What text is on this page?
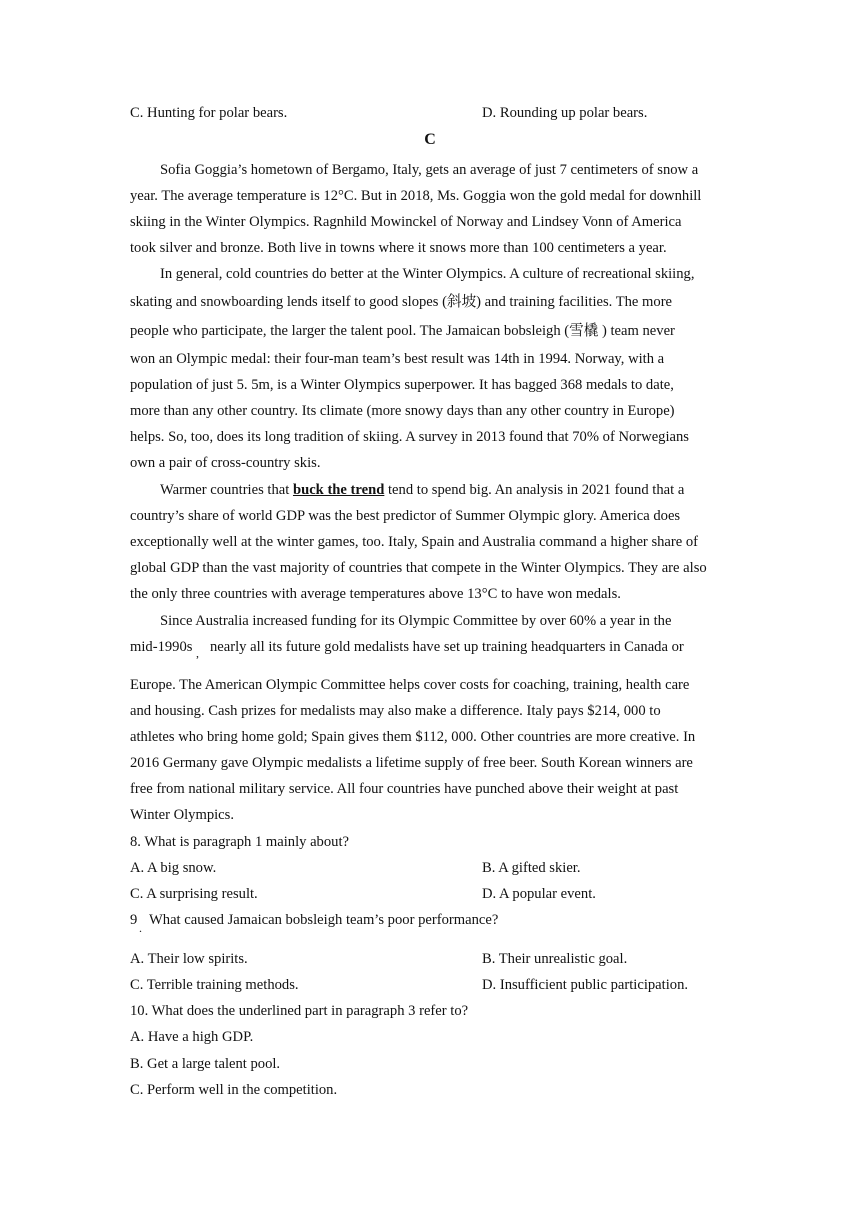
C. Hunting for polar bears.	D. Rounding up polar bears.
C
Sofia Goggia’s hometown of Bergamo, Italy, gets an average of just 7 centimeters of snow a
year. The average temperature is 12°C. But in 2018, Ms. Goggia won the gold medal for downhill
skiing in the Winter Olympics. Ragnhild Mowinckel of Norway and Lindsey Vonn of America
took silver and bronze. Both live in towns where it snows more than 100 centimeters a year.
In general, cold countries do better at the Winter Olympics. A culture of recreational skiing,
skating and snowboarding lends itself to good slopes (斜坡) and training facilities. The more
people who participate, the larger the talent pool. The Jamaican bobsleigh (雪橇 ) team never
won an Olympic medal: their four-man team’s best result was 14th in 1994. Norway, with a
population of just 5. 5m, is a Winter Olympics superpower. It has bagged 368 medals to date,
more than any other country. Its climate (more snowy days than any other country in Europe)
helps. So, too, does its long tradition of skiing. A survey in 2013 found that 70% of Norwegians
own a pair of cross-country skis.
Warmer countries that buck the trend tend to spend big. An analysis in 2021 found that a
country’s share of world GDP was the best predictor of Summer Olympic glory. America does
exceptionally well at the winter games, too. Italy, Spain and Australia command a higher share of
global GDP than the vast majority of countries that compete in the Winter Olympics. They are also
the only three countries with average temperatures above 13°C to have won medals.
Since Australia increased funding for its Olympic Committee by over 60% a year in the
mid-1990s , nearly all its future gold medalists have set up training headquarters in Canada or
Europe. The American Olympic Committee helps cover costs for coaching, training, health care
and housing. Cash prizes for medalists may also make a difference. Italy pays $214, 000 to
athletes who bring home gold; Spain gives them $112, 000. Other countries are more creative. In
2016 Germany gave Olympic medalists a lifetime supply of free beer. South Korean winners are
free from national military service. All four countries have punched above their weight at past
Winter Olympics.
8. What is paragraph 1 mainly about?
A. A big snow.	B. A gifted skier.
C. A surprising result.	D. A popular event.
9 . What caused Jamaican bobsleigh team’s poor performance?
A. Their low spirits.	B. Their unrealistic goal.
C. Terrible training methods.	D. Insufficient public participation.
10. What does the underlined part in paragraph 3 refer to?
A. Have a high GDP.
B. Get a large talent pool.
C. Perform well in the competition.
